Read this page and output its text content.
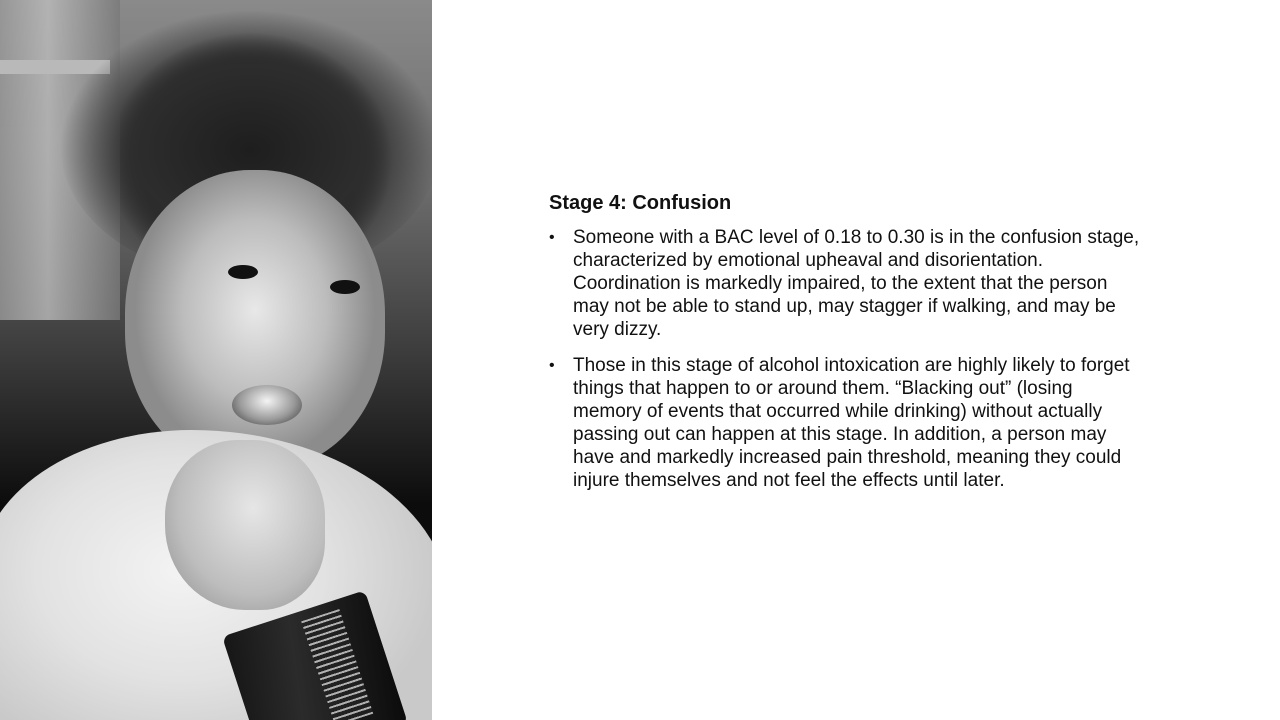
Stage 4: Confusion
• Someone with a BAC level of 0.18 to 0.30 is in the confusion stage, characterized by emotional upheaval and disorientation. Coordination is markedly impaired, to the extent that the person may not be able to stand up, may stagger if walking, and may be very dizzy.
• Those in this stage of alcohol intoxication are highly likely to forget things that happen to or around them. “Blacking out” (losing memory of events that occurred while drinking) without actually passing out can happen at this stage. In addition, a person may have and markedly increased pain threshold, meaning they could injure themselves and not feel the effects until later.
